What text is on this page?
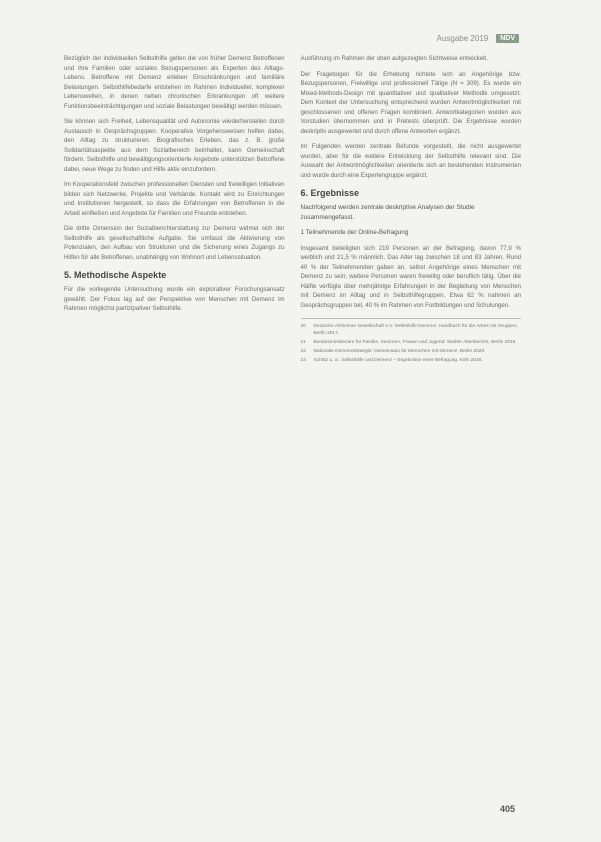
Ausgabe 2019	NDV

Bezüglich der individuellen Selbsthilfe gelten die von früher Demenz Betroffenen und ihre Familien oder soziales Bezugspersonen als Experten des Alltags-Lebens. Betroffene mit Demenz erleben Einschränkungen und familiäre Belastungen. Selbsthilfebedarfe entstehen im Rahmen individueller, komplexer Lebenswelten, in denen neben chronischen Erkrankungen oft weitere Funktionsbeeinträchtigungen und soziale Belastungen bewältigt werden müssen.

Sie können sich Freiheit, Lebensqualität und Autonomie wiederherstellen durch Austausch in Gesprächsgruppen. Kooperative Vorgehensweisen helfen dabei, den Alltag zu strukturieren. Biografisches Erleben, das z. B. große Solidaritätsaspekte aus dem Sozialbereich beinhaltet, kann Gemeinschaft fördern. Selbsthilfe und bewältigungsorientierte Angebote unterstützen Betroffene dabei, neue Wege zu finden und Hilfe aktiv einzufordern.

Im Kooperationsfeld zwischen professionellen Diensten und freiwilligen Initiativen bilden sich Netzwerke, Projekte und Verbände. Kontakt wird zu Einrichtungen und Institutionen hergestellt, so dass die Erfahrungen von Betroffenen in die Arbeit einfließen und Angebote für Familien und Freunde entstehen.

Die dritte Dimension der Sozialberichterstattung zur Demenz widmet sich der Selbsthilfe als gesellschaftliche Aufgabe. Sie umfasst die Aktivierung von Potenzialen, den Aufbau von Strukturen und die Sicherung eines Zugangs zu Hilfen für alle Betroffenen, unabhängig von Wohnort und Lebenssituation.

5. Methodische Aspekte

Für die vorliegende Untersuchung wurde ein explorativer Forschungsansatz gewählt. Der Fokus lag auf der Perspektive von Menschen mit Demenz im Rahmen möglichst partizipativer Selbsthilfe.

Ausführung im Rahmen der oben aufgezeigten Sichtweise entwickelt.

Der Fragebogen für die Erhebung richtete sich an Angehörige bzw. Bezugspersonen, Freiwillige und professionell Tätige (N = 309). Es wurde ein Mixed-Methods-Design mit quantitativer und qualitativer Methodik umgesetzt. Dem Kontext der Untersuchung entsprechend wurden Antwortmöglichkeiten mit geschlossenen und offenen Fragen kombiniert. Antwortkategorien wurden aus Vorstudien übernommen und in Pretests überprüft. Die Ergebnisse wurden deskriptiv ausgewertet und durch offene Antworten ergänzt.

Im Folgenden werden zentrale Befunde vorgestellt, die nicht ausgewertet wurden, aber für die weitere Entwicklung der Selbsthilfe relevant sind. Die Auswahl der Antwortmöglichkeiten orientierte sich an bestehenden Instrumenten und wurde durch eine Expertengruppe ergänzt.

6. Ergebnisse

Nachfolgend werden zentrale deskriptive Analysen der Studie zusammengefasst.

1 Teilnehmende der Online-Befragung

Insgesamt beteiligten sich 219 Personen an der Befragung, davon 77,9 % weiblich und 21,5 % männlich. Das Alter lag zwischen 18 und 83 Jahren. Rund 40 % der Teilnehmenden gaben an, selbst Angehörige eines Menschen mit Demenz zu sein; weitere Personen waren freiwillig oder beruflich tätig. Über die Hälfte verfügte über mehrjährige Erfahrungen in der Begleitung von Menschen mit Demenz im Alltag und in Selbsthilfegruppen. Etwa 62 % nahmen an Gesprächsgruppen teil, 40 % im Rahmen von Fortbildungen und Schulungen.

20	Deutsche Alzheimer Gesellschaft e.V. Selbsthilfe Demenz: Handbuch für die Arbeit mit Gruppen, Berlin 2017.
21	Bundesministerium für Familie, Senioren, Frauen und Jugend: Siebter Altenbericht, Berlin 2016.
22	Nationale Demenzstrategie: Gemeinsam für Menschen mit Demenz, Berlin 2020.
23	Schütz u. a.: Selbsthilfe und Demenz – Ergebnisse einer Befragung, Köln 2018.
405
